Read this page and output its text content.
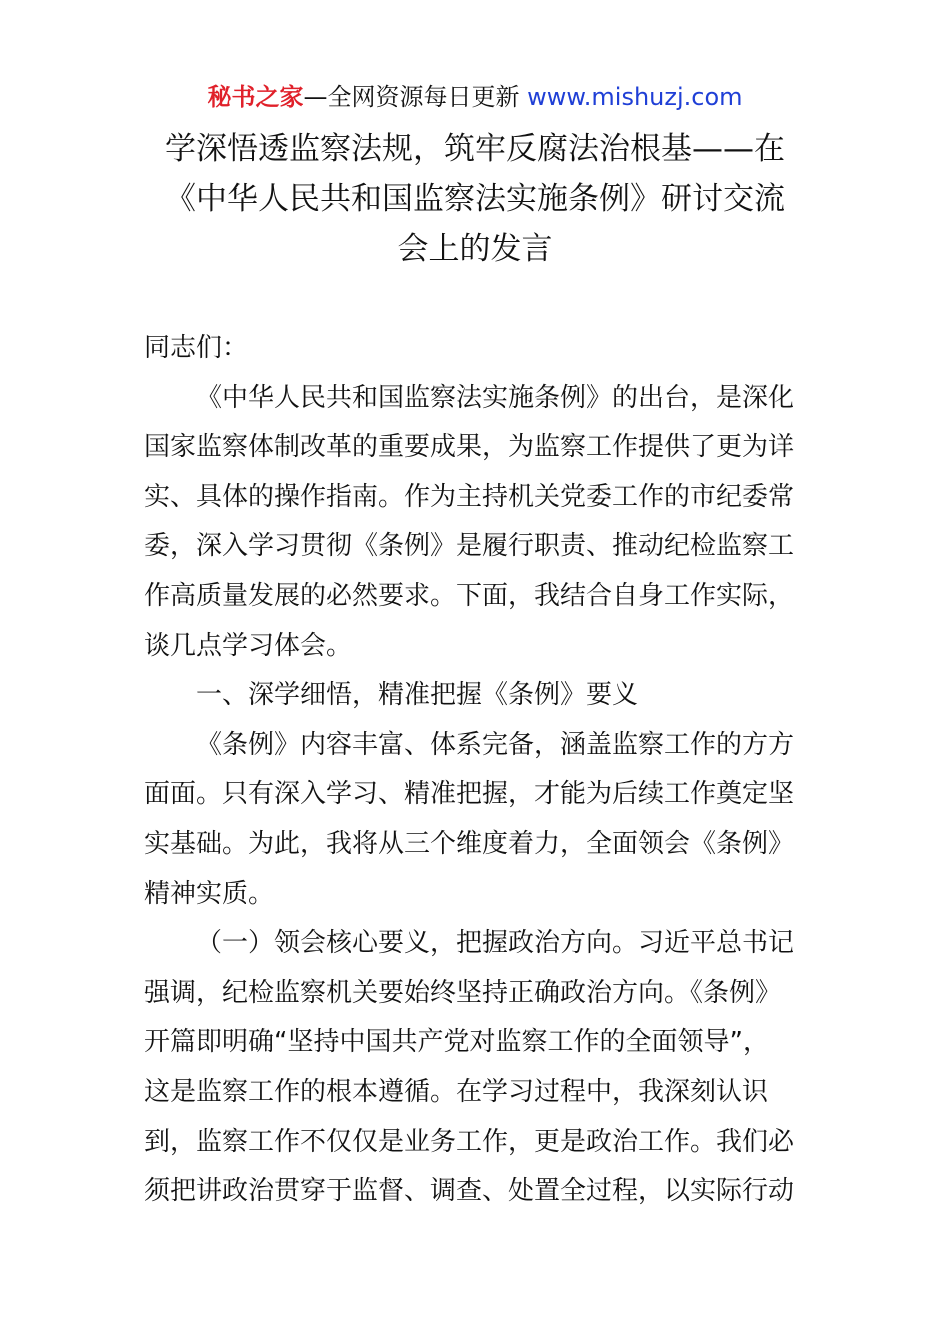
秘书之家—全网资源每日更新 www.mishuzj.com
学深悟透监察法规，筑牢反腐法治根基——在
《中华人民共和国监察法实施条例》研讨交流
会上的发言
同志们：
《中华人民共和国监察法实施条例》的出台，是深化
国家监察体制改革的重要成果，为监察工作提供了更为详
实、具体的操作指南。作为主持机关党委工作的市纪委常
委，深入学习贯彻《条例》是履行职责、推动纪检监察工
作高质量发展的必然要求。下面，我结合自身工作实际，
谈几点学习体会。
一、深学细悟，精准把握《条例》要义
《条例》内容丰富、体系完备，涵盖监察工作的方方
面面。只有深入学习、精准把握，才能为后续工作奠定坚
实基础。为此，我将从三个维度着力，全面领会《条例》
精神实质。
（一）领会核心要义，把握政治方向。习近平总书记
强调，纪检监察机关要始终坚持正确政治方向。《条例》
开篇即明确“坚持中国共产党对监察工作的全面领导”，
这是监察工作的根本遵循。在学习过程中，我深刻认识
到，监察工作不仅仅是业务工作，更是政治工作。我们必
须把讲政治贯穿于监督、调查、处置全过程，以实际行动
